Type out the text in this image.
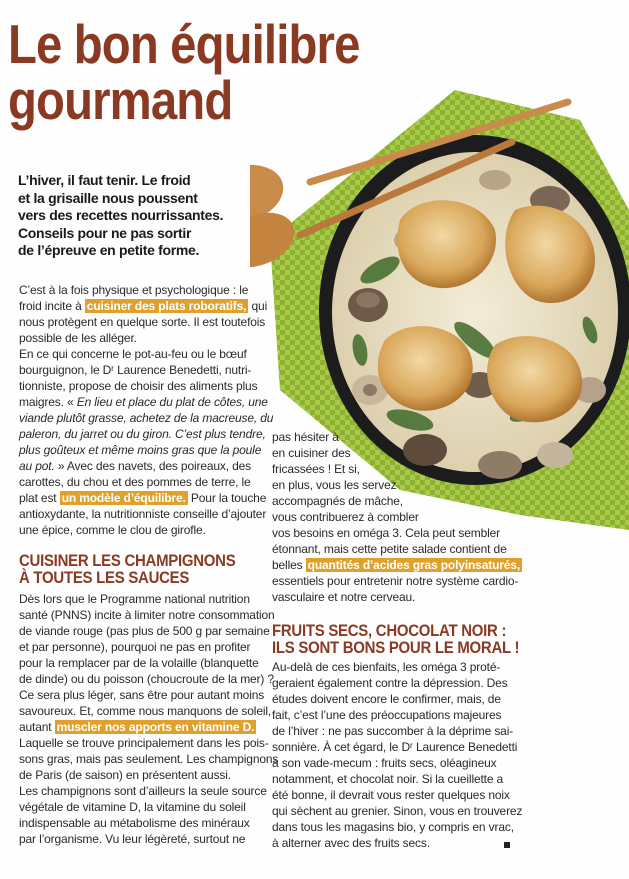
Le bon équilibre
gourmand
L’hiver, il faut tenir. Le froid
et la grisaille nous poussent
vers des recettes nourrissantes.
Conseils pour ne pas sortir
de l’épreuve en petite forme.
C’est à la fois physique et psychologique : le
froid incite à cuisiner des plats roboratifs, qui
nous protègent en quelque sorte. Il est toutefois
possible de les alléger.
En ce qui concerne le pot-au-feu ou le bœuf
bourguignon, le Dʳ Laurence Benedetti, nutri-
tionniste, propose de choisir des aliments plus
maigres. « En lieu et place du plat de côtes, une
viande plutôt grasse, achetez de la macreuse, du
paleron, du jarret ou du giron. C’est plus tendre,
plus goûteux et même moins gras que la poule
au pot. » Avec des navets, des poireaux, des
carottes, du chou et des pommes de terre, le
plat est un modèle d’équilibre. Pour la touche
antioxydante, la nutritionniste conseille d’ajouter
une épice, comme le clou de girofle.
CUISINER LES CHAMPIGNONS
À TOUTES LES SAUCES
Dès lors que le Programme national nutrition
santé (PNNS) incite à limiter notre consommation
de viande rouge (pas plus de 500 g par semaine
et par personne), pourquoi ne pas en profiter
pour la remplacer par de la volaille (blanquette
de dinde) ou du poisson (choucroute de la mer) ?
Ce sera plus léger, sans être pour autant moins
savoureux. Et, comme nous manquons de soleil,
autant muscler nos apports en vitamine D.
Laquelle se trouve principalement dans les pois-
sons gras, mais pas seulement. Les champignons
de Paris (de saison) en présentent aussi.
Les champignons sont d’ailleurs la seule source
végétale de vitamine D, la vitamine du soleil
indispensable au métabolisme des minéraux
par l’organisme. Vu leur légèreté, surtout ne
pas hésiter à
en cuisiner des
fricassées ! Et si,
en plus, vous les servez
accompagnés de mâche,
vous contribuerez à combler
vos besoins en oméga 3. Cela peut sembler
étonnant, mais cette petite salade contient de
belles quantités d’acides gras polyinsaturés,
essentiels pour entretenir notre système cardio-
vasculaire et notre cerveau.
FRUITS SECS, CHOCOLAT NOIR :
ILS SONT BONS POUR LE MORAL !
Au-delà de ces bienfaits, les oméga 3 proté-
geraient également contre la dépression. Des
études doivent encore le confirmer, mais, de
fait, c’est l’une des préoccupations majeures
de l’hiver : ne pas succomber à la déprime sai-
sonnière. À cet égard, le Dʳ Laurence Benedetti
a son vade-mecum : fruits secs, oléagineux
notamment, et chocolat noir. Si la cueillette a
été bonne, il devrait vous rester quelques noix
qui sèchent au grenier. Sinon, vous en trouverez
dans tous les magasins bio, y compris en vrac,
à alterner avec des fruits secs.
